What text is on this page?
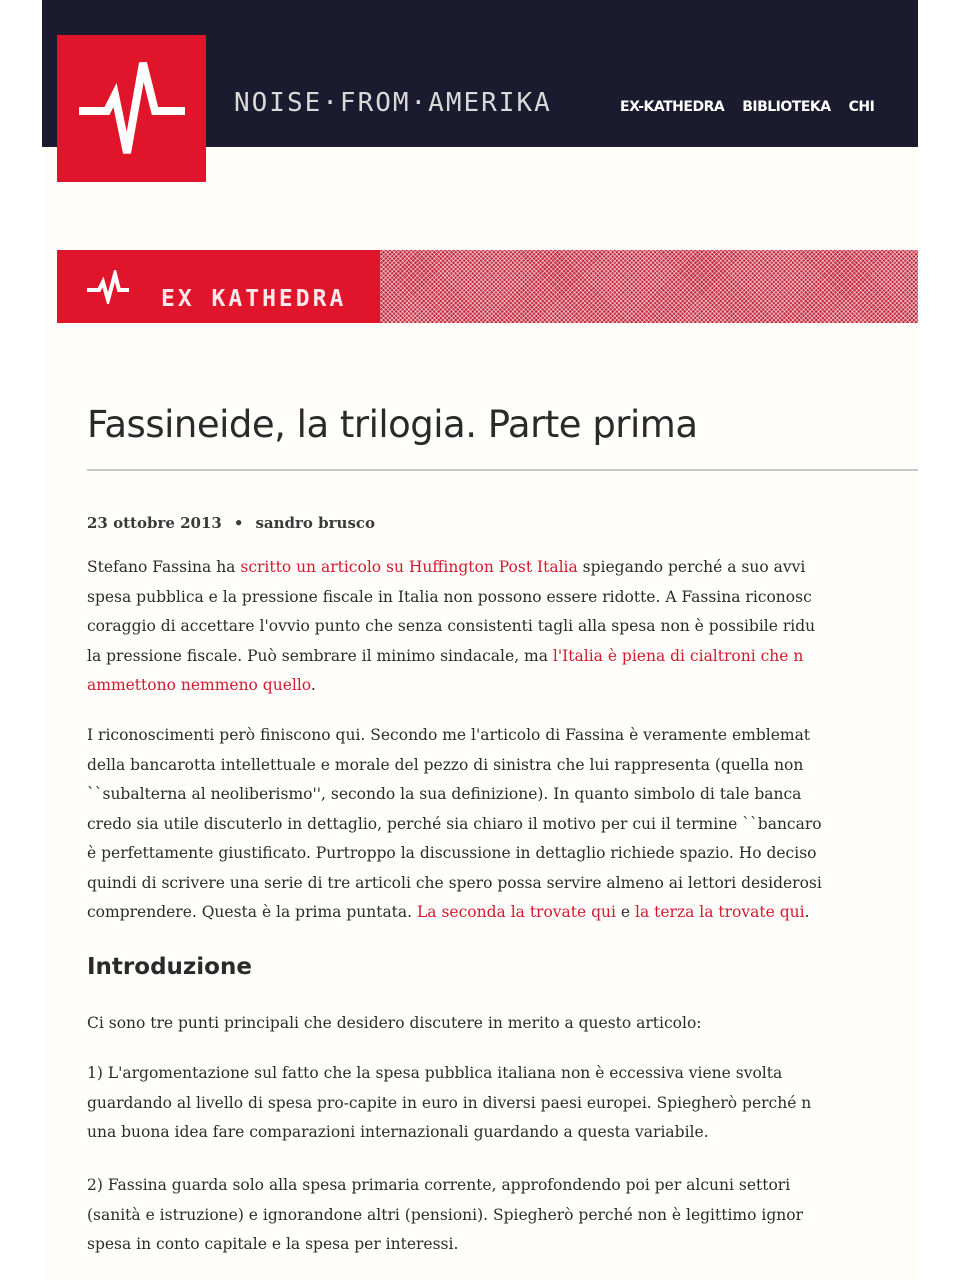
NOISE·FROM·AMERIKA	EX-KATHEDRA BIBLIOTEKA CHI
EX KATHEDRA
Fassineide, la trilogia. Parte prima
23 ottobre 2013 • sandro brusco
Stefano Fassina ha scritto un articolo su Huffington Post Italia spiegando perché a suo avvi
spesa pubblica e la pressione fiscale in Italia non possono essere ridotte. A Fassina riconosc
coraggio di accettare l'ovvio punto che senza consistenti tagli alla spesa non è possibile ridu
la pressione fiscale. Può sembrare il minimo sindacale, ma l'Italia è piena di cialtroni che n
ammettono nemmeno quello.
I riconoscimenti però finiscono qui. Secondo me l'articolo di Fassina è veramente emblemat
della bancarotta intellettuale e morale del pezzo di sinistra che lui rappresenta (quella non
``subalterna al neoliberismo'', secondo la sua definizione). In quanto simbolo di tale banca
credo sia utile discuterlo in dettaglio, perché sia chiaro il motivo per cui il termine ``bancaro
è perfettamente giustificato. Purtroppo la discussione in dettaglio richiede spazio. Ho deciso
quindi di scrivere una serie di tre articoli che spero possa servire almeno ai lettori desiderosi
comprendere. Questa è la prima puntata. La seconda la trovate qui e la terza la trovate qui.
Introduzione
Ci sono tre punti principali che desidero discutere in merito a questo articolo:
1) L'argomentazione sul fatto che la spesa pubblica italiana non è eccessiva viene svolta
guardando al livello di spesa pro-capite in euro in diversi paesi europei. Spiegherò perché n
una buona idea fare comparazioni internazionali guardando a questa variabile.
2) Fassina guarda solo alla spesa primaria corrente, approfondendo poi per alcuni settori
(sanità e istruzione) e ignorandone altri (pensioni). Spiegherò perché non è legittimo ignor
spesa in conto capitale e la spesa per interessi.
